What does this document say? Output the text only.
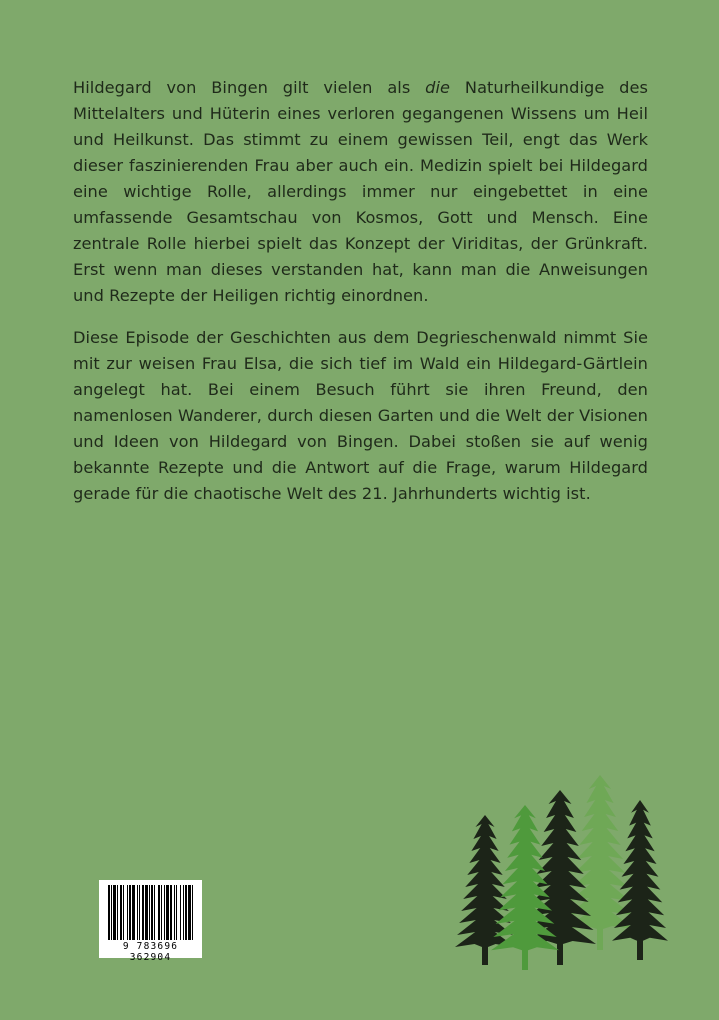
Hildegard von Bingen gilt vielen als die Naturheilkundige des Mittelalters und Hüterin eines verloren gegangenen Wissens um Heil und Heilkunst. Das stimmt zu einem gewissen Teil, engt das Werk dieser faszinierenden Frau aber auch ein. Medizin spielt bei Hildegard eine wichtige Rolle, allerdings immer nur eingebettet in eine umfassende Gesamtschau von Kosmos, Gott und Mensch. Eine zentrale Rolle hierbei spielt das Konzept der Viriditas, der Grünkraft. Erst wenn man dieses verstanden hat, kann man die Anweisungen und Rezepte der Heiligen richtig einordnen.
Diese Episode der Geschichten aus dem Degrieschenwald nimmt Sie mit zur weisen Frau Elsa, die sich tief im Wald ein Hildegard-Gärtlein angelegt hat. Bei einem Besuch führt sie ihren Freund, den namenlosen Wanderer, durch diesen Garten und die Welt der Visionen und Ideen von Hildegard von Bingen. Dabei stoßen sie auf wenig bekannte Rezepte und die Antwort auf die Frage, warum Hildegard gerade für die chaotische Welt des 21. Jahrhunderts wichtig ist.
9 783696 362904
